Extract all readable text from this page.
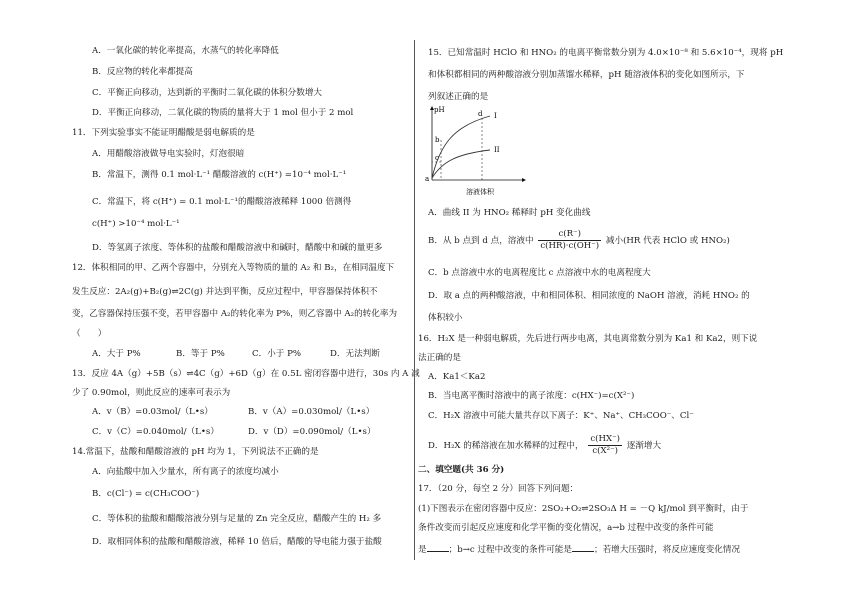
A．一氧化碳的转化率提高，水蒸气的转化率降低
B．反应物的转化率都提高
C．平衡正向移动，达到新的平衡时二氧化碳的体积分数增大
D．平衡正向移动，二氧化碳的物质的量将大于 1 mol 但小于 2 mol
11．下列实验事实不能证明醋酸是弱电解质的是
A．用醋酸溶液做导电实验时，灯泡很暗
B．常温下，测得 0.1 mol·L⁻¹ 醋酸溶液的 c(H⁺) =10⁻⁴ mol·L⁻¹
C．常温下，将 c(H⁺) = 0.1 mol·L⁻¹的醋酸溶液稀释 1000 倍测得
c(H⁺) >10⁻⁴ mol·L⁻¹
D．等氢离子浓度、等体积的盐酸和醋酸溶液中和碱时，醋酸中和碱的量更多
12．体积相同的甲、乙两个容器中，分别充入等物质的量的 A₂ 和 B₂，在相同温度下
发生反应：2A₂(g)+B₂(g)⇌2C(g) 并达到平衡，反应过程中，甲容器保持体积不
变，乙容器保持压强不变，若甲容器中 A₂的转化率为 P%，则乙容器中 A₂的转化率为
（　　）
A．大于 P%	B．等于 P%	C．小于 P%	D．无法判断
13．反应 4A（g）+5B（s）⇌4C（g）+6D（g）在 0.5L 密闭容器中进行，30s 内 A 减
少了 0.90mol，则此反应的速率可表示为
A．v（B）=0.03mol/（L•s）	B．v（A）=0.030mol/（L•s）
C．v（C）=0.040mol/（L•s）	D．v（D）=0.090mol/（L•s）
14.常温下，盐酸和醋酸溶液的 pH 均为 1，下列说法不正确的是
A．向盐酸中加入少量水，所有离子的浓度均减小
B．c(Cl⁻) = c(CH₃COO⁻)
C．等体积的盐酸和醋酸溶液分别与足量的 Zn 完全反应，醋酸产生的 H₂ 多
D．取相同体积的盐酸和醋酸溶液，稀释 10 倍后，醋酸的导电能力强于盐酸
15．已知常温时 HClO 和 HNO₂ 的电离平衡常数分别为 4.0×10⁻⁸ 和 5.6×10⁻⁴，现将 pH
和体积都相同的两种酸溶液分别加蒸馏水稀释，pH 随溶液体积的变化如图所示，下
列叙述正确的是
pH
溶液体积
a
b
c
d I
II
A．曲线 II 为 HNO₂ 稀释时 pH 变化曲线
B．从 b 点到 d 点，溶液中 $\frac{c(R^-)}{c(HR)\cdot c(OH^-)}$ 减小(HR 代表 HClO 或 HNO₂)
C．b 点溶液中水的电离程度比 c 点溶液中水的电离程度大
D．取 a 点的两种酸溶液，中和相同体积、相同浓度的 NaOH 溶液，消耗 HNO₂ 的
体积较小
16．H₂X 是一种弱电解质，先后进行两步电离，其电离常数分别为 Ka1 和 Ka2，则下说
法正确的是
A．Ka1＜Ka2
B．当电离平衡时溶液中的离子浓度：c(HX⁻)=c(X²⁻)
C．H₂X 溶液中可能大量共存以下离子：K⁺、Na⁺、CH₃COO⁻、Cl⁻
D．H₂X 的稀溶液在加水稀释的过程中， $\frac{c(HX^-)}{\text{c(X²⁻)}}$ 逐渐增大
二、填空题(共 36 分)
17．（20 分，每空 2 分）回答下列问题：
(1)下图表示在密闭容器中反应：2SO₂+O₂⇌2SO₃Δ H = －Q kJ/mol 到平衡时，由于
条件改变而引起反应速度和化学平衡的变化情况，a→b 过程中改变的条件可能
是	；b→c 过程中改变的条件可能是	；若增大压强时，将反应速度变化情况
